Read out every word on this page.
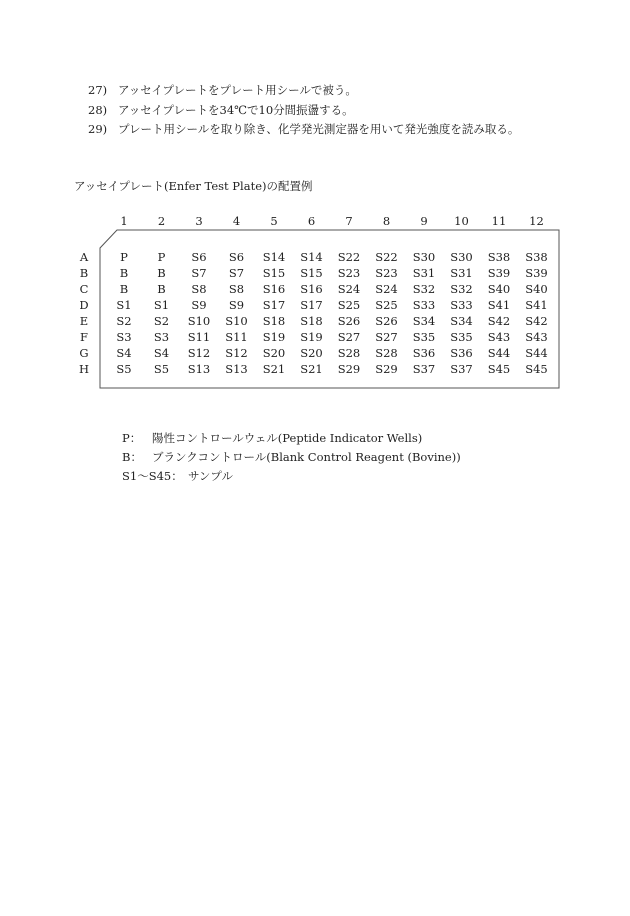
27) アッセイプレートをプレート用シールで被う。
28) アッセイプレートを34℃で10分間振盪する。
29) プレート用シールを取り除き、化学発光測定器を用いて発光強度を読み取る。
アッセイプレート(Enfer Test Plate)の配置例
1	2	3	4	5	6	7	8	9 10 11 12
A	P	P S6 S6 S14 S14 S22 S22 S30 S30 S38 S38
B	B	B S7 S7 S15 S15 S23 S23 S31 S31 S39 S39
C	B	B S8 S8 S16 S16 S24 S24 S32 S32 S40 S40
D S1 S1 S9 S9 S17 S17 S25 S25 S33 S33 S41 S41
E S2 S2 S10 S10 S18 S18 S26 S26 S34 S34 S42 S42
F S3 S3 S11 S11 S19 S19 S27 S27 S35 S35 S43 S43
G S4 S4 S12 S12 S20 S20 S28 S28 S36 S36 S44 S44
H S5 S5 S13 S13 S21 S21 S29 S29 S37 S37 S45 S45
P： 陽性コントロールウェル(Peptide Indicator Wells)
B： ブランクコントロール(Blank Control Reagent (Bovine))
S1～S45： サンプル
